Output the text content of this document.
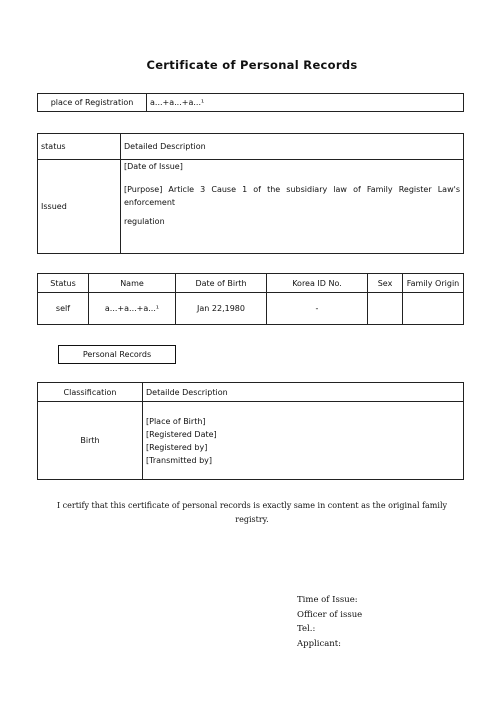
Certificate of Personal Records
place of Registration	a...+a...+a...¹
status	Detailed Description
Issued	[Date of Issue]
[Purpose] Article 3 Cause 1 of the subsidiary law of Family Register Law's enforcement
regulation
Status	Name	Date of Birth	Korea ID No.	Sex	Family Origin
self	a...+a...+a...¹	Jan 22,1980	-		
Personal Records
Classification	Detailde Description
Birth	[Place of Birth]
[Registered Date]
[Registered by]
[Transmitted by]
I certify that this certificate of personal records is exactly same in content as the original family registry.
Time of Issue:
Officer of issue
Tel.:
Applicant:
